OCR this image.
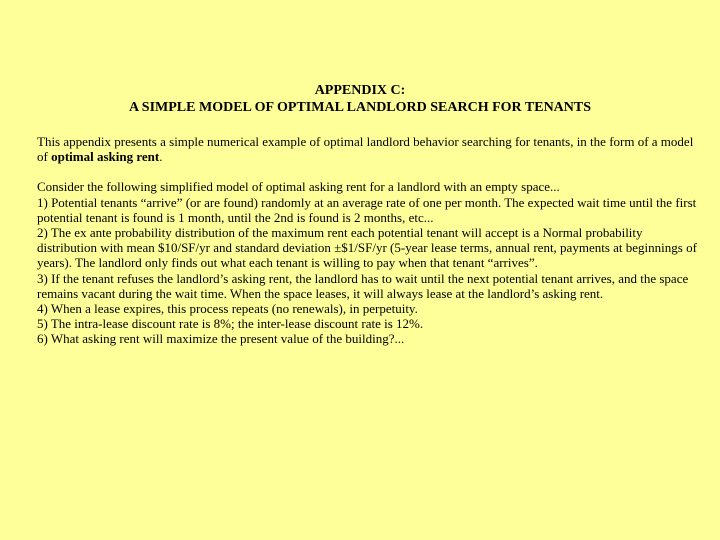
APPENDIX C:
A SIMPLE MODEL OF OPTIMAL LANDLORD SEARCH FOR TENANTS

This appendix presents a simple numerical example of optimal landlord behavior searching for tenants, in the form of a model of optimal asking rent.

Consider the following simplified model of optimal asking rent for a landlord with an empty space...
1) Potential tenants “arrive” (or are found) randomly at an average rate of one per month. The expected wait time until the first potential tenant is found is 1 month, until the 2nd is found is 2 months, etc...
2) The ex ante probability distribution of the maximum rent each potential tenant will accept is a Normal probability distribution with mean $10/SF/yr and standard deviation ±$1/SF/yr (5-year lease terms, annual rent, payments at beginnings of years). The landlord only finds out what each tenant is willing to pay when that tenant “arrives”.
3) If the tenant refuses the landlord’s asking rent, the landlord has to wait until the next potential tenant arrives, and the space remains vacant during the wait time. When the space leases, it will always lease at the landlord’s asking rent.
4) When a lease expires, this process repeats (no renewals), in perpetuity.
5) The intra-lease discount rate is 8%; the inter-lease discount rate is 12%.
6) What asking rent will maximize the present value of the building?...
